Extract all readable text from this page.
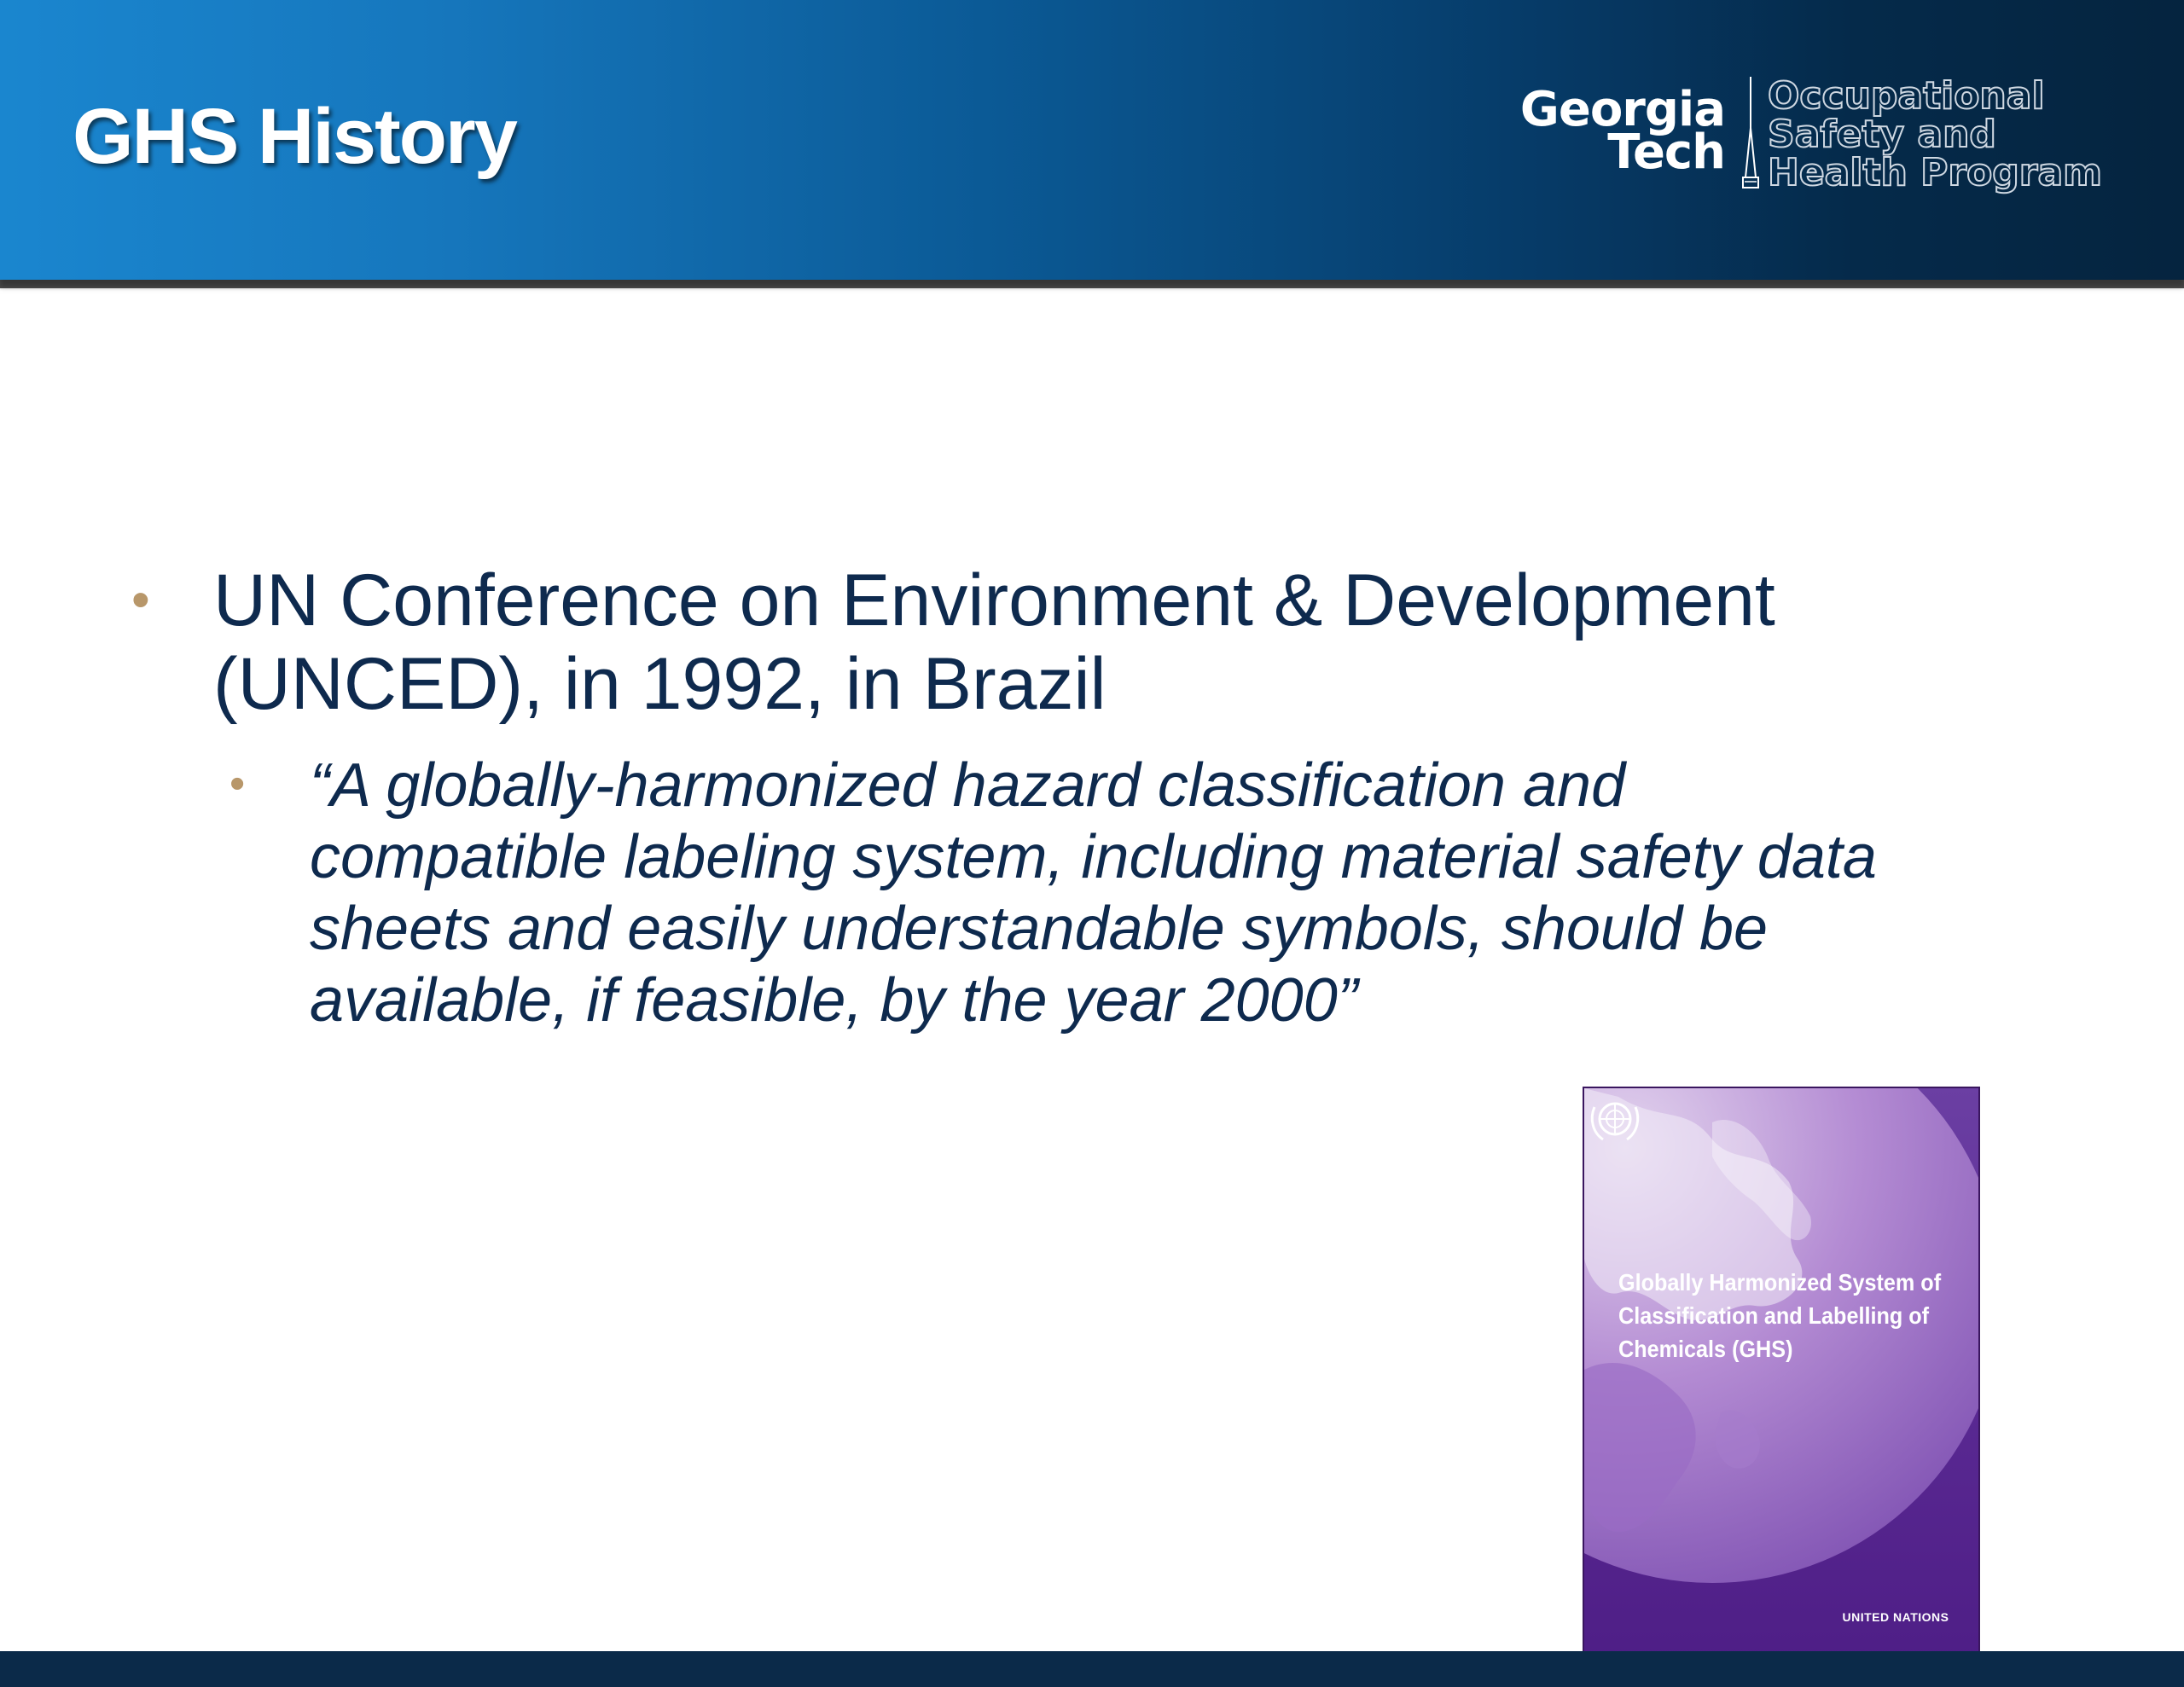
GHS History	Georgia
Tech
Occupational
Safety and
Health Program
• UN Conference on Environment & Development
(UNCED), in 1992, in Brazil
• “A globally-harmonized hazard classification and
compatible labeling system, including material safety data
sheets and easily understandable symbols, should be
available, if feasible, by the year 2000”
Globally Harmonized System of
Classification and Labelling of
Chemicals (GHS)
UNITED NATIONS
